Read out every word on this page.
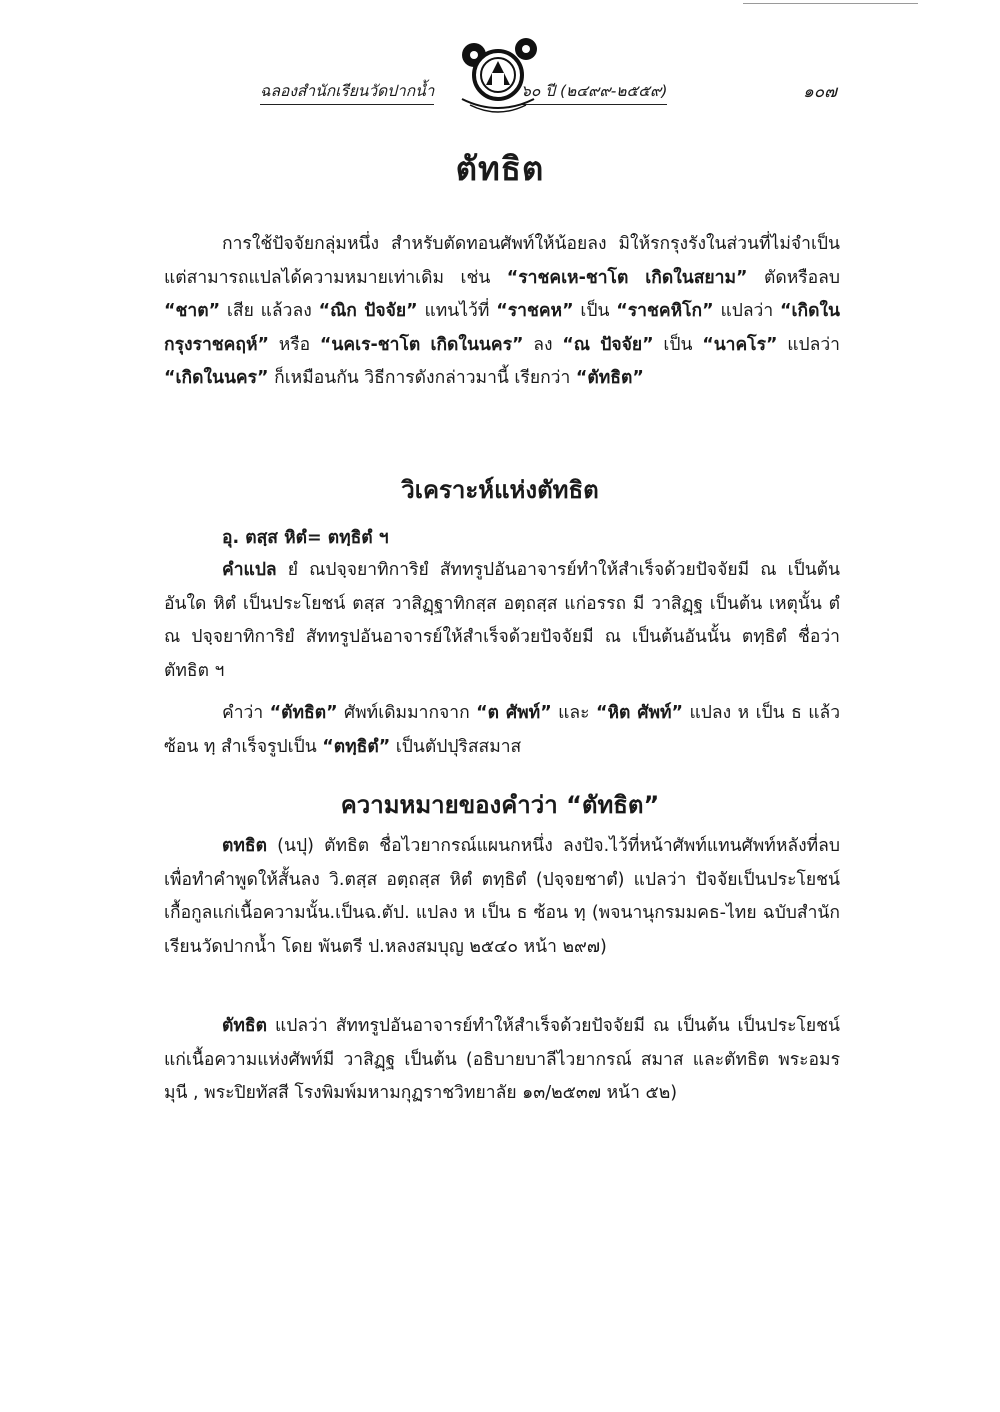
ฉลองสำนักเรียนวัดปากน้ำ	๖๐ ปี (๒๔๙๙-๒๕๕๙)	๑๐๗
ตัทธิต

การใช้ปัจจัยกลุ่มหนึ่ง สำหรับตัดทอนศัพท์ให้น้อยลง มิให้รกรุงรังในส่วนที่ไม่จำเป็น แต่สามารถแปลได้ความหมายเท่าเดิม เช่น “ราชคเห-ชาโต เกิดในสยาม” ตัดหรือลบ “ชาต” เสีย แล้วลง “ณิก ปัจจัย” แทนไว้ที่ “ราชคห” เป็น “ราชคหิโก” แปลว่า “เกิดในกรุงราชคฤห์” หรือ “นคเร-ชาโต เกิดในนคร” ลง “ณ ปัจจัย” เป็น “นาคโร” แปลว่า “เกิดในนคร” ก็เหมือนกัน วิธีการดังกล่าวมานี้ เรียกว่า “ตัทธิต”

วิเคราะห์แห่งตัทธิต
อุ. ตสฺส หิตํ= ตทฺธิตํ ฯ

คำแปล ยํ ณปจฺจยาทิการิยํ สัททรูปอันอาจารย์ทำให้สำเร็จด้วยปัจจัยมี ณ เป็นต้น อันใด หิตํ เป็นประโยชน์ ตสฺส วาสิฏฺฐาทิกสฺส อตฺถสฺส แก่อรรถ มี วาสิฏฺฐ เป็นต้น เหตุนั้น ตํ ณ ปจฺจยาทิการิยํ สัททรูปอันอาจารย์ให้สำเร็จด้วยปัจจัยมี ณ เป็นต้นอันนั้น ตทฺธิตํ ชื่อว่าตัทธิต ฯ

คำว่า “ตัทธิต” ศัพท์เดิมมากจาก “ต ศัพท์” และ “หิต ศัพท์” แปลง ห เป็น ธ แล้วซ้อน ทฺ สำเร็จรูปเป็น “ตทฺธิตํ” เป็นตัปปุริสสมาส

ความหมายของคำว่า “ตัทธิต”

ตทธิต (นปุ) ตัทธิต ชื่อไวยากรณ์แผนกหนึ่ง ลงปัจ.ไว้ที่หน้าศัพท์แทนศัพท์หลังที่ลบ เพื่อทำคำพูดให้สั้นลง วิ.ตสฺส อตฺถสฺส หิตํ ตทฺธิตํ (ปจฺจยชาตํ) แปลว่า ปัจจัยเป็นประโยชน์เกื้อกูลแก่เนื้อความนั้น.เป็นฉ.ตัป. แปลง ห เป็น ธ ซ้อน ทฺ (พจนานุกรมมคธ-ไทย ฉบับสำนักเรียนวัดปากน้ำ โดย พันตรี ป.หลงสมบุญ ๒๕๔๐ หน้า ๒๙๗)

ตัทธิต แปลว่า สัททรูปอันอาจารย์ทำให้สำเร็จด้วยปัจจัยมี ณ เป็นต้น เป็นประโยชน์แก่เนื้อความแห่งศัพท์มี วาสิฏฺฐ เป็นต้น (อธิบายบาลีไวยากรณ์ สมาส และตัทธิต พระอมรมุนี , พระปิยทัสสี โรงพิมพ์มหามกุฏราชวิทยาลัย ๑๓/๒๕๓๗ หน้า ๕๒)
